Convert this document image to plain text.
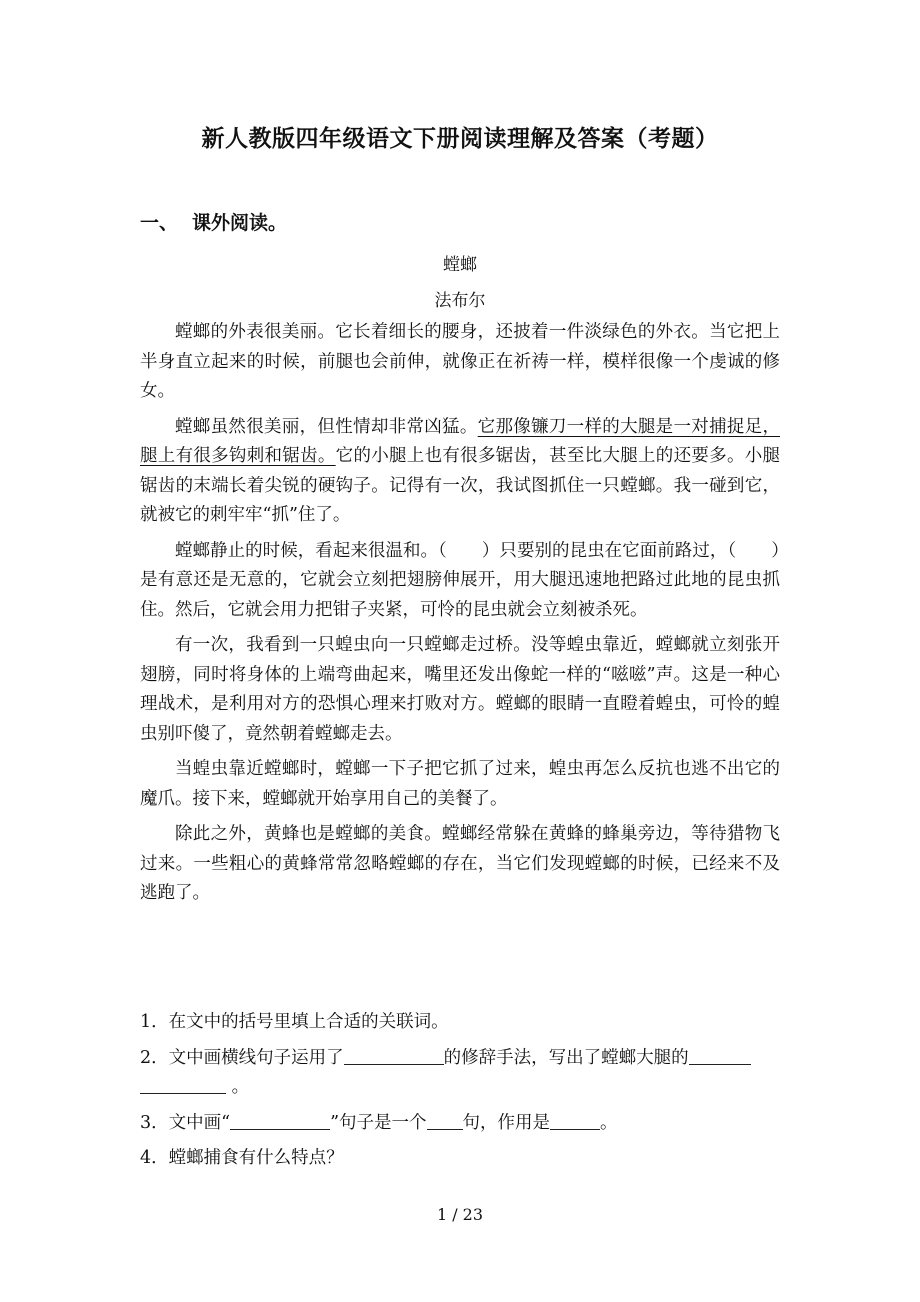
新人教版四年级语文下册阅读理解及答案（考题）
一、 课外阅读。
螳螂
法布尔

螳螂的外表很美丽。它长着细长的腰身，还披着一件淡绿色的外衣。当它把上半身直立起来的时候，前腿也会前伸，就像正在祈祷一样，模样很像一个虔诚的修女。

螳螂虽然很美丽，但性情却非常凶猛。它那像镰刀一样的大腿是一对捕捉足，腿上有很多钩刺和锯齿。它的小腿上也有很多锯齿，甚至比大腿上的还要多。小腿锯齿的末端长着尖锐的硬钩子。记得有一次，我试图抓住一只螳螂。我一碰到它，就被它的刺牢牢“抓”住了。

螳螂静止的时候，看起来很温和。（　　）只要别的昆虫在它面前路过，（　　）是有意还是无意的，它就会立刻把翅膀伸展开，用大腿迅速地把路过此地的昆虫抓住。然后，它就会用力把钳子夹紧，可怜的昆虫就会立刻被杀死。

有一次，我看到一只蝗虫向一只螳螂走过桥。没等蝗虫靠近，螳螂就立刻张开翅膀，同时将身体的上端弯曲起来，嘴里还发出像蛇一样的“嗞嗞”声。这是一种心理战术，是利用对方的恐惧心理来打败对方。螳螂的眼睛一直瞪着蝗虫，可怜的蝗虫别吓傻了，竟然朝着螳螂走去。

当蝗虫靠近螳螂时，螳螂一下子把它抓了过来，蝗虫再怎么反抗也逃不出它的魔爪。接下来，螳螂就开始享用自己的美餐了。

除此之外，黄蜂也是螳螂的美食。螳螂经常躲在黄蜂的蜂巢旁边，等待猎物飞过来。一些粗心的黄蜂常常忽略螳螂的存在，当它们发现螳螂的时候，已经来不及逃跑了。

1．在文中的括号里填上合适的关联词。

2．文中画横线句子运用了	的修辞手法，写出了螳螂大腿的
。

3．文中画“	”句子是一个 句，作用是	。

4．螳螂捕食有什么特点？

1 / 23
